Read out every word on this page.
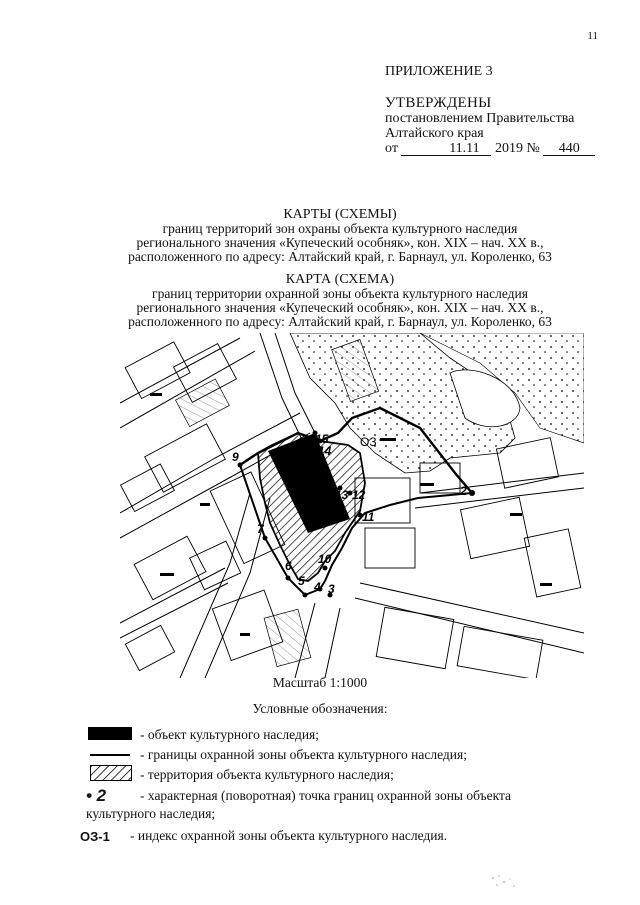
11
ПРИЛОЖЕНИЕ 3
УТВЕРЖДЕНЫ
постановлением Правительства
Алтайского края
от	11.11 2019 № 440
КАРТЫ (СХЕМЫ)
границ территорий зон охраны объекта культурного наследия
регионального значения «Купеческий особняк», кон. XIX – нач. XX в.,
расположенного по адресу: Алтайский край, г. Барнаул, ул. Короленко, 63
КАРТА (СХЕМА)
границ территории охранной зоны объекта культурного наследия
регионального значения «Купеческий особняк», кон. XIX – нач. XX в.,
расположенного по адресу: Алтайский край, г. Барнаул, ул. Короленко, 63
2
3
4
5
6
7
9
10
11
12
13
14
15	ОЗ
Масштаб 1:1000
Условные обозначения:
- объект культурного наследия;
- границы охранной зоны объекта культурного наследия;
- территория объекта культурного наследия;
• 2	- характерная (поворотная) точка границ охранной зоны объекта
культурного наследия;
ОЗ-1 - индекс охранной зоны объекта культурного наследия.
